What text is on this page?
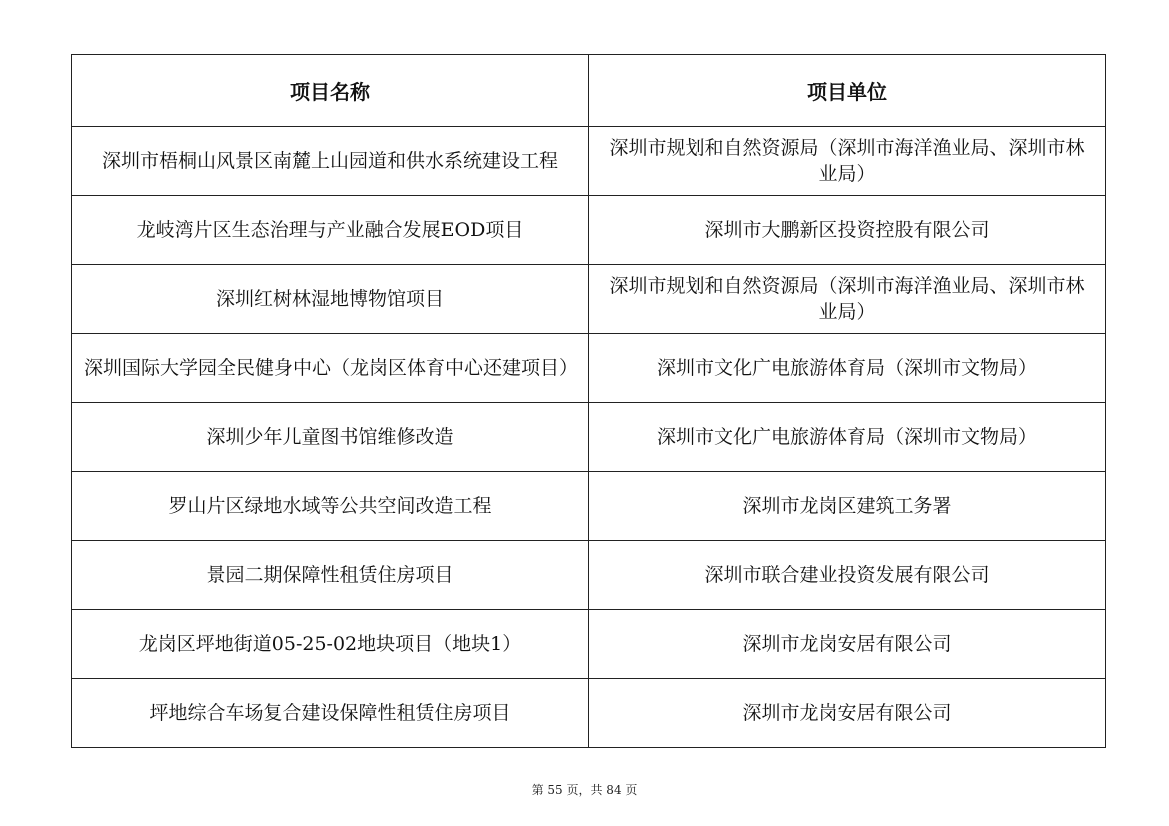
项目名称	项目单位
深圳市梧桐山风景区南麓上山园道和供水系统建设工程	深圳市规划和自然资源局（深圳市海洋渔业局、深圳市林业局）
龙岐湾片区生态治理与产业融合发展EOD项目	深圳市大鹏新区投资控股有限公司
深圳红树林湿地博物馆项目	深圳市规划和自然资源局（深圳市海洋渔业局、深圳市林业局）
深圳国际大学园全民健身中心（龙岗区体育中心还建项目）	深圳市文化广电旅游体育局（深圳市文物局）
深圳少年儿童图书馆维修改造	深圳市文化广电旅游体育局（深圳市文物局）
罗山片区绿地水域等公共空间改造工程	深圳市龙岗区建筑工务署
景园二期保障性租赁住房项目	深圳市联合建业投资发展有限公司
龙岗区坪地街道05-25-02地块项目（地块1）	深圳市龙岗安居有限公司
坪地综合车场复合建设保障性租赁住房项目	深圳市龙岗安居有限公司
第 55 页，共 84 页
